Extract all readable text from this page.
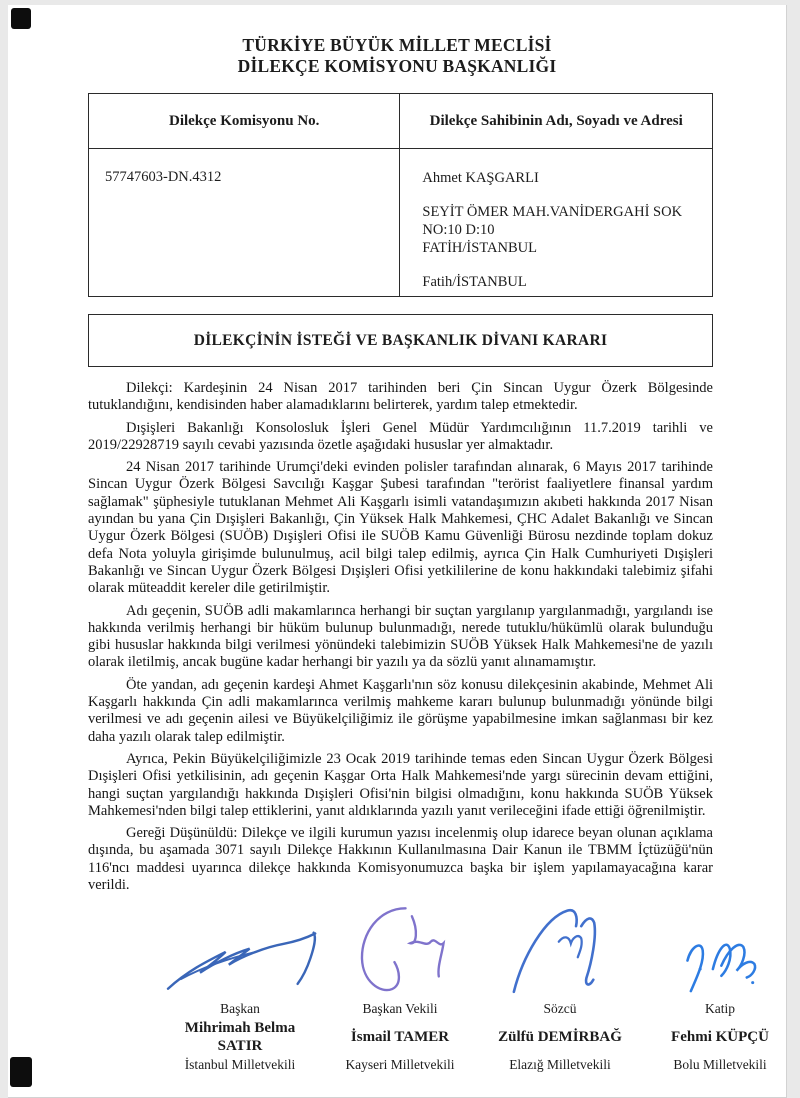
TÜRKİYE BÜYÜK MİLLET MECLİSİ
DİLEKÇE KOMİSYONU BAŞKANLIĞI
Dilekçe Komisyonu No.	Dilekçe Sahibinin Adı, Soyadı ve Adresi
57747603-DN.4312	Ahmet KAŞGARLI
SEYİT ÖMER MAH.VANİDERGAHİ SOK
NO:10 D:10
FATİH/İSTANBUL
Fatih/İSTANBUL
DİLEKÇİNİN İSTEĞİ VE BAŞKANLIK DİVANI KARARI

Dilekçi: Kardeşinin 24 Nisan 2017 tarihinden beri Çin Sincan Uygur Özerk Bölgesinde tutuklandığını, kendisinden haber alamadıklarını belirterek, yardım talep etmektedir.

Dışişleri Bakanlığı Konsolosluk İşleri Genel Müdür Yardımcılığının 11.7.2019 tarihli ve 2019/22928719 sayılı cevabi yazısında özetle aşağıdaki hususlar yer almaktadır.

24 Nisan 2017 tarihinde Urumçi'deki evinden polisler tarafından alınarak, 6 Mayıs 2017 tarihinde Sincan Uygur Özerk Bölgesi Savcılığı Kaşgar Şubesi tarafından "terörist faaliyetlere finansal yardım sağlamak" şüphesiyle tutuklanan Mehmet Ali Kaşgarlı isimli vatandaşımızın akıbeti hakkında 2017 Nisan ayından bu yana Çin Dışişleri Bakanlığı, Çin Yüksek Halk Mahkemesi, ÇHC Adalet Bakanlığı ve Sincan Uygur Özerk Bölgesi (SUÖB) Dışişleri Ofisi ile SUÖB Kamu Güvenliği Bürosu nezdinde toplam dokuz defa Nota yoluyla girişimde bulunulmuş, acil bilgi talep edilmiş, ayrıca Çin Halk Cumhuriyeti Dışişleri Bakanlığı ve Sincan Uygur Özerk Bölgesi Dışişleri Ofisi yetkililerine de konu hakkındaki talebimiz şifahi olarak müteaddit kereler dile getirilmiştir.

Adı geçenin, SUÖB adli makamlarınca herhangi bir suçtan yargılanıp yargılanmadığı, yargılandı ise hakkında verilmiş herhangi bir hüküm bulunup bulunmadığı, nerede tutuklu/hükümlü olarak bulunduğu gibi hususlar hakkında bilgi verilmesi yönündeki talebimizin SUÖB Yüksek Halk Mahkemesi'ne de yazılı olarak iletilmiş, ancak bugüne kadar herhangi bir yazılı ya da sözlü yanıt alınamamıştır.

Öte yandan, adı geçenin kardeşi Ahmet Kaşgarlı'nın söz konusu dilekçesinin akabinde, Mehmet Ali Kaşgarlı hakkında Çin adli makamlarınca verilmiş mahkeme kararı bulunup bulunmadığı yönünde bilgi verilmesi ve adı geçenin ailesi ve Büyükelçiliğimiz ile görüşme yapabilmesine imkan sağlanması bir kez daha yazılı olarak talep edilmiştir.

Ayrıca, Pekin Büyükelçiliğimizle 23 Ocak 2019 tarihinde temas eden Sincan Uygur Özerk Bölgesi Dışişleri Ofisi yetkilisinin, adı geçenin Kaşgar Orta Halk Mahkemesi'nde yargı sürecinin devam ettiğini, hangi suçtan yargılandığı hakkında Dışişleri Ofisi'nin bilgisi olmadığını, konu hakkında SUÖB Yüksek Mahkemesi'nden bilgi talep ettiklerini, yanıt aldıklarında yazılı yanıt verileceğini ifade ettiği öğrenilmiştir.

Gereği Düşünüldü: Dilekçe ve ilgili kurumun yazısı incelenmiş olup idarece beyan olunan açıklama dışında, bu aşamada 3071 sayılı Dilekçe Hakkının Kullanılmasına Dair Kanun ile TBMM İçtüzüğü'nün 116'ncı maddesi uyarınca dilekçe hakkında Komisyonumuzca başka bir işlem yapılamayacağına karar verildi.

Başkan
Mihrimah Belma SATIR
İstanbul Milletvekili
Başkan Vekili
İsmail TAMER
Kayseri Milletvekili
Sözcü
Zülfü DEMİRBAĞ
Elazığ Milletvekili
Katip
Fehmi KÜPÇÜ
Bolu Milletvekili
